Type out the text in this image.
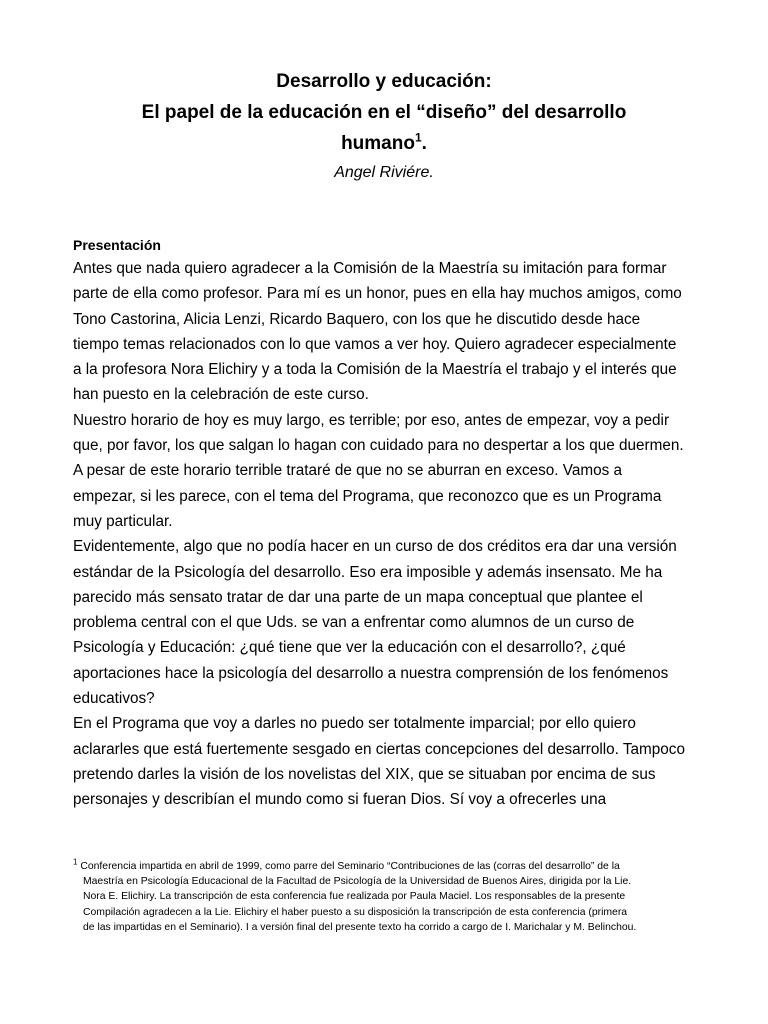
Desarrollo y educación:

El papel de la educación en el “diseño” del desarrollo

humano$^1$.

Angel Riviére.

Presentación

Antes que nada quiero agradecer a la Comisión de la Maestría su imitación para formar
parte de ella como profesor. Para mí es un honor, pues en ella hay muchos amigos, como
Tono Castorina, Alicia Lenzi, Ricardo Baquero, con los que he discutido desde hace
tiempo temas relacionados con lo que vamos a ver hoy. Quiero agradecer especialmente
a la profesora Nora Elichiry y a toda la Comisión de la Maestría el trabajo y el interés que
han puesto en la celebración de este curso.

Nuestro horario de hoy es muy largo, es terrible; por eso, antes de empezar, voy a pedir
que, por favor, los que salgan lo hagan con cuidado para no despertar a los que duermen.
A pesar de este horario terrible trataré de que no se aburran en exceso. Vamos a
empezar, si les parece, con el tema del Programa, que reconozco que es un Programa
muy particular.

Evidentemente, algo que no podía hacer en un curso de dos créditos era dar una versión
estándar de la Psicología del desarrollo. Eso era imposible y además insensato. Me ha
parecido más sensato tratar de dar una parte de un mapa conceptual que plantee el
problema central con el que Uds. se van a enfrentar como alumnos de un curso de
Psicología y Educación: ¿qué tiene que ver la educación con el desarrollo?, ¿qué
aportaciones hace la psicología del desarrollo a nuestra comprensión de los fenómenos
educativos?

En el Programa que voy a darles no puedo ser totalmente imparcial; por ello quiero
aclararles que está fuertemente sesgado en ciertas concepciones del desarrollo. Tampoco
pretendo darles la visión de los novelistas del XIX, que se situaban por encima de sus
personajes y describían el mundo como si fueran Dios. Sí voy a ofrecerles una

$^1$ Conferencia impartida en abril de 1999, como parre del Seminario “Contribuciones de las (corras del desarrollo” de la
Maestría en Psicología Educacional de la Facultad de Psicología de la Universidad de Buenos Aires, dirigida por la Lie.
Nora E. Elichiry. La transcripción de esta conferencia fue realizada por Paula Maciel. Los responsables de la presente
Compilación agradecen a la Lie. Elichiry el haber puesto a su disposición la transcripción de esta conferencia (primera
de las impartidas en el Seminario). I a versión final del presente texto ha corrido a cargo de I. Marichalar y M. Belinchou.
